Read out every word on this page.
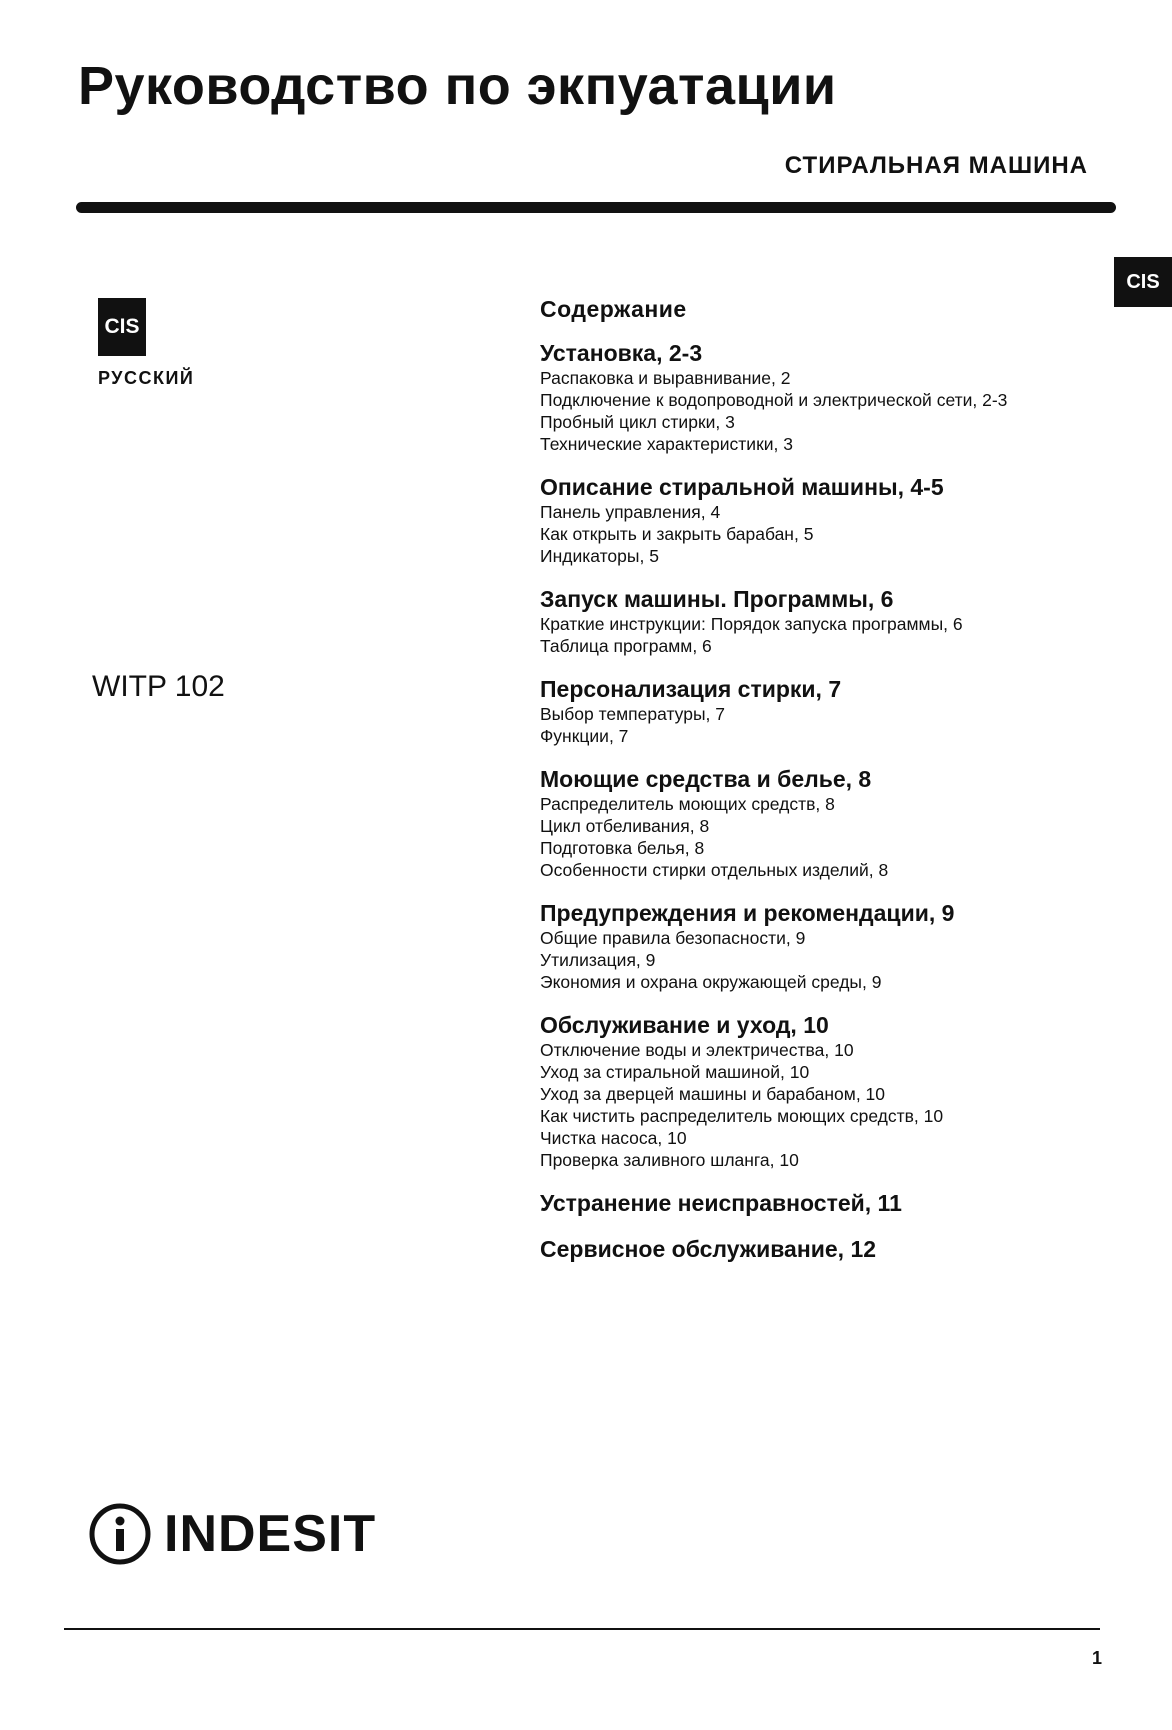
Руководство по экпуатации
СТИРАЛЬНАЯ МАШИНА
CIS
CIS
РУССКИЙ
WITP 102
Содержание
Установка, 2-3
Распаковка и выравнивание, 2
Подключение к водопроводной и электрической сети, 2-3
Пробный цикл стирки, 3
Технические характеристики, 3
Описание стиральной машины, 4-5
Панель управления, 4
Как открыть и закрыть барабан, 5
Индикаторы, 5
Запуск машины. Программы, 6
Краткие инструкции: Порядок запуска программы, 6
Таблица программ, 6
Персонализация стирки, 7
Выбор температуры, 7
Функции, 7
Моющие средства и белье, 8
Распределитель моющих средств, 8
Цикл отбеливания, 8
Подготовка белья, 8
Особенности стирки отдельных изделий, 8
Предупреждения и рекомендации, 9
Общие правила безопасности, 9
Утилизация, 9
Экономия и охрана окружающей среды, 9
Обслуживание и уход, 10
Отключение воды и электричества, 10
Уход за стиральной машиной, 10
Уход за дверцей машины и барабаном, 10
Как чистить распределитель моющих средств, 10
Чистка насоса, 10
Проверка заливного шланга, 10
Устранение неисправностей, 11
Сервисное обслуживание, 12
INDESIT
1
